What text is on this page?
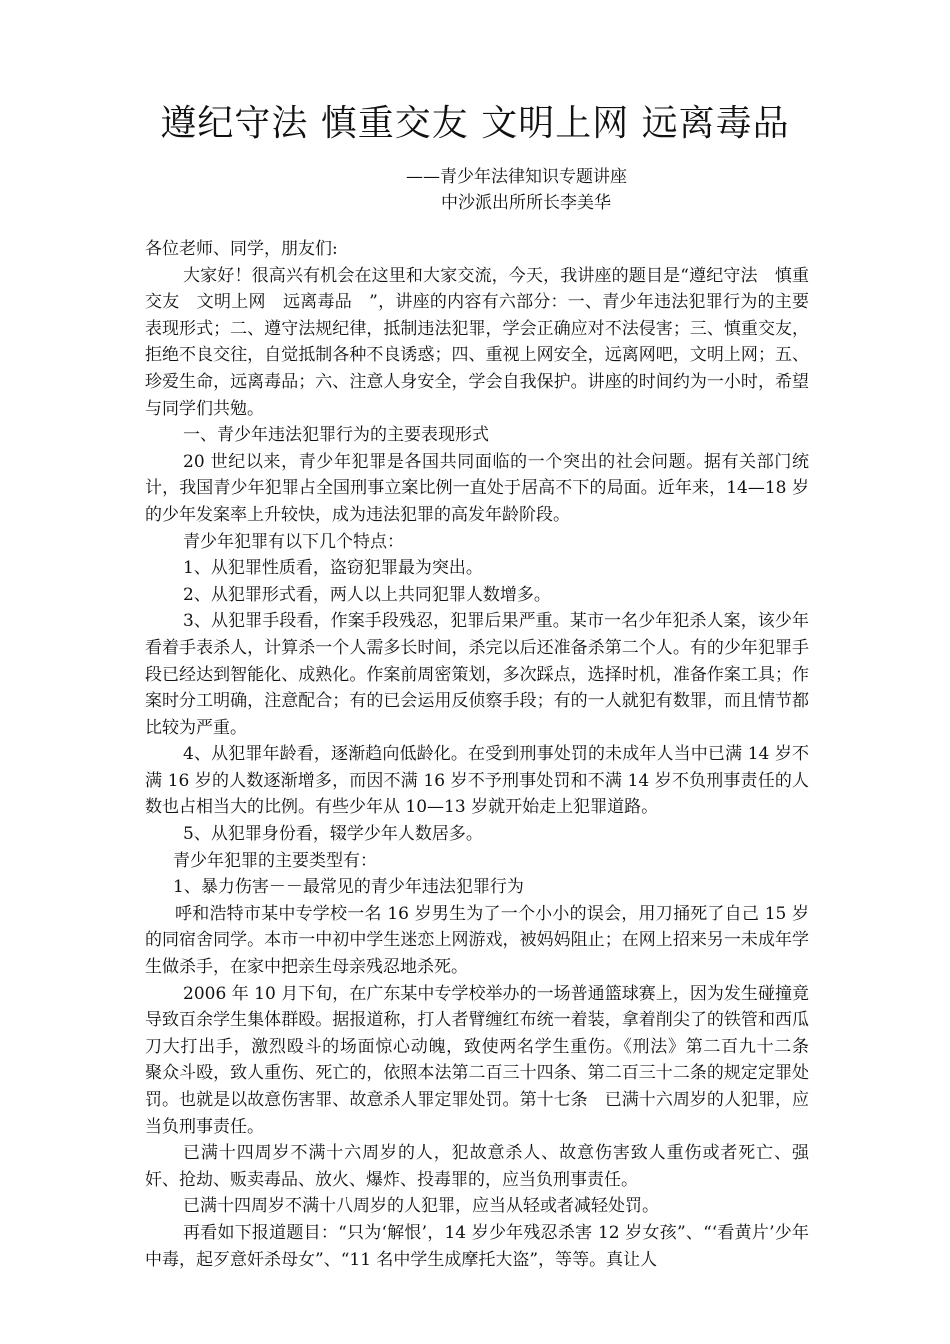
遵纪守法 慎重交友 文明上网 远离毒品
——青少年法律知识专题讲座
中沙派出所所长李美华

各位老师、同学，朋友们:

大家好！很高兴有机会在这里和大家交流，今天，我讲座的题目是“遵纪守法　慎重交友　文明上网　远离毒品　”，讲座的内容有六部分：一、青少年违法犯罪行为的主要表现形式；二、遵守法规纪律，抵制违法犯罪，学会正确应对不法侵害；三、慎重交友，拒绝不良交往，自觉抵制各种不良诱惑；四、重视上网安全，远离网吧，文明上网；五、珍爱生命，远离毒品；六、注意人身安全，学会自我保护。讲座的时间约为一小时，希望与同学们共勉。

一、青少年违法犯罪行为的主要表现形式

20 世纪以来，青少年犯罪是各国共同面临的一个突出的社会问题。据有关部门统计，我国青少年犯罪占全国刑事立案比例一直处于居高不下的局面。近年来，14—18 岁的少年发案率上升较快，成为违法犯罪的高发年龄阶段。

青少年犯罪有以下几个特点：

1、从犯罪性质看，盗窃犯罪最为突出。

2、从犯罪形式看，两人以上共同犯罪人数增多。

3、从犯罪手段看，作案手段残忍，犯罪后果严重。某市一名少年犯杀人案，该少年看着手表杀人，计算杀一个人需多长时间，杀完以后还准备杀第二个人。有的少年犯罪手段已经达到智能化、成熟化。作案前周密策划，多次踩点，选择时机，准备作案工具；作案时分工明确，注意配合；有的已会运用反侦察手段；有的一人就犯有数罪，而且情节都比较为严重。

4、从犯罪年龄看，逐渐趋向低龄化。在受到刑事处罚的未成年人当中已满 14 岁不满 16 岁的人数逐渐增多，而因不满 16 岁不予刑事处罚和不满 14 岁不负刑事责任的人数也占相当大的比例。有些少年从 10—13 岁就开始走上犯罪道路。

5、从犯罪身份看，辍学少年人数居多。

青少年犯罪的主要类型有：

1、暴力伤害－－最常见的青少年违法犯罪行为

呼和浩特市某中专学校一名 16 岁男生为了一个小小的误会，用刀捅死了自己 15 岁的同宿舍同学。本市一中初中学生迷恋上网游戏，被妈妈阻止；在网上招来另一未成年学生做杀手，在家中把亲生母亲残忍地杀死。

2006 年 10 月下旬，在广东某中专学校举办的一场普通篮球赛上，因为发生碰撞竟导致百余学生集体群殴。据报道称，打人者臂缠红布统一着装，拿着削尖了的铁管和西瓜刀大打出手，激烈殴斗的场面惊心动魄，致使两名学生重伤。《刑法》第二百九十二条　聚众斗殴，致人重伤、死亡的，依照本法第二百三十四条、第二百三十二条的规定定罪处罚。也就是以故意伤害罪、故意杀人罪定罪处罚。第十七条　已满十六周岁的人犯罪，应当负刑事责任。

已满十四周岁不满十六周岁的人，犯故意杀人、故意伤害致人重伤或者死亡、强奸、抢劫、贩卖毒品、放火、爆炸、投毒罪的，应当负刑事责任。

已满十四周岁不满十八周岁的人犯罪，应当从轻或者减轻处罚。

再看如下报道题目：“只为‘解恨’，14 岁少年残忍杀害 12 岁女孩”、“‘看黄片’少年中毒，起歹意奸杀母女”、“11 名中学生成摩托大盗”，等等。真让人
